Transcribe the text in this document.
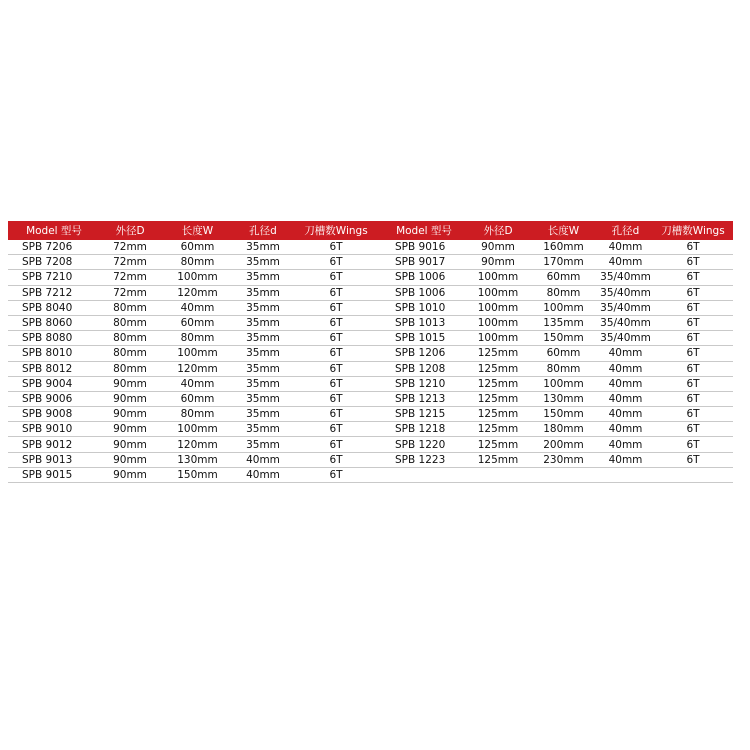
Model 型号	外径D	长度W	孔径d	刀槽数Wings	Model 型号	外径D	长度W	孔径d	刀槽数Wings
SPB 7206	72mm	60mm	35mm	6T	SPB 9016	90mm	160mm	40mm	6T
SPB 7208	72mm	80mm	35mm	6T	SPB 9017	90mm	170mm	40mm	6T
SPB 7210	72mm	100mm	35mm	6T	SPB 1006	100mm	60mm	35/40mm	6T
SPB 7212	72mm	120mm	35mm	6T	SPB 1006	100mm	80mm	35/40mm	6T
SPB 8040	80mm	40mm	35mm	6T	SPB 1010	100mm	100mm	35/40mm	6T
SPB 8060	80mm	60mm	35mm	6T	SPB 1013	100mm	135mm	35/40mm	6T
SPB 8080	80mm	80mm	35mm	6T	SPB 1015	100mm	150mm	35/40mm	6T
SPB 8010	80mm	100mm	35mm	6T	SPB 1206	125mm	60mm	40mm	6T
SPB 8012	80mm	120mm	35mm	6T	SPB 1208	125mm	80mm	40mm	6T
SPB 9004	90mm	40mm	35mm	6T	SPB 1210	125mm	100mm	40mm	6T
SPB 9006	90mm	60mm	35mm	6T	SPB 1213	125mm	130mm	40mm	6T
SPB 9008	90mm	80mm	35mm	6T	SPB 1215	125mm	150mm	40mm	6T
SPB 9010	90mm	100mm	35mm	6T	SPB 1218	125mm	180mm	40mm	6T
SPB 9012	90mm	120mm	35mm	6T	SPB 1220	125mm	200mm	40mm	6T
SPB 9013	90mm	130mm	40mm	6T	SPB 1223	125mm	230mm	40mm	6T
SPB 9015	90mm	150mm	40mm	6T					
